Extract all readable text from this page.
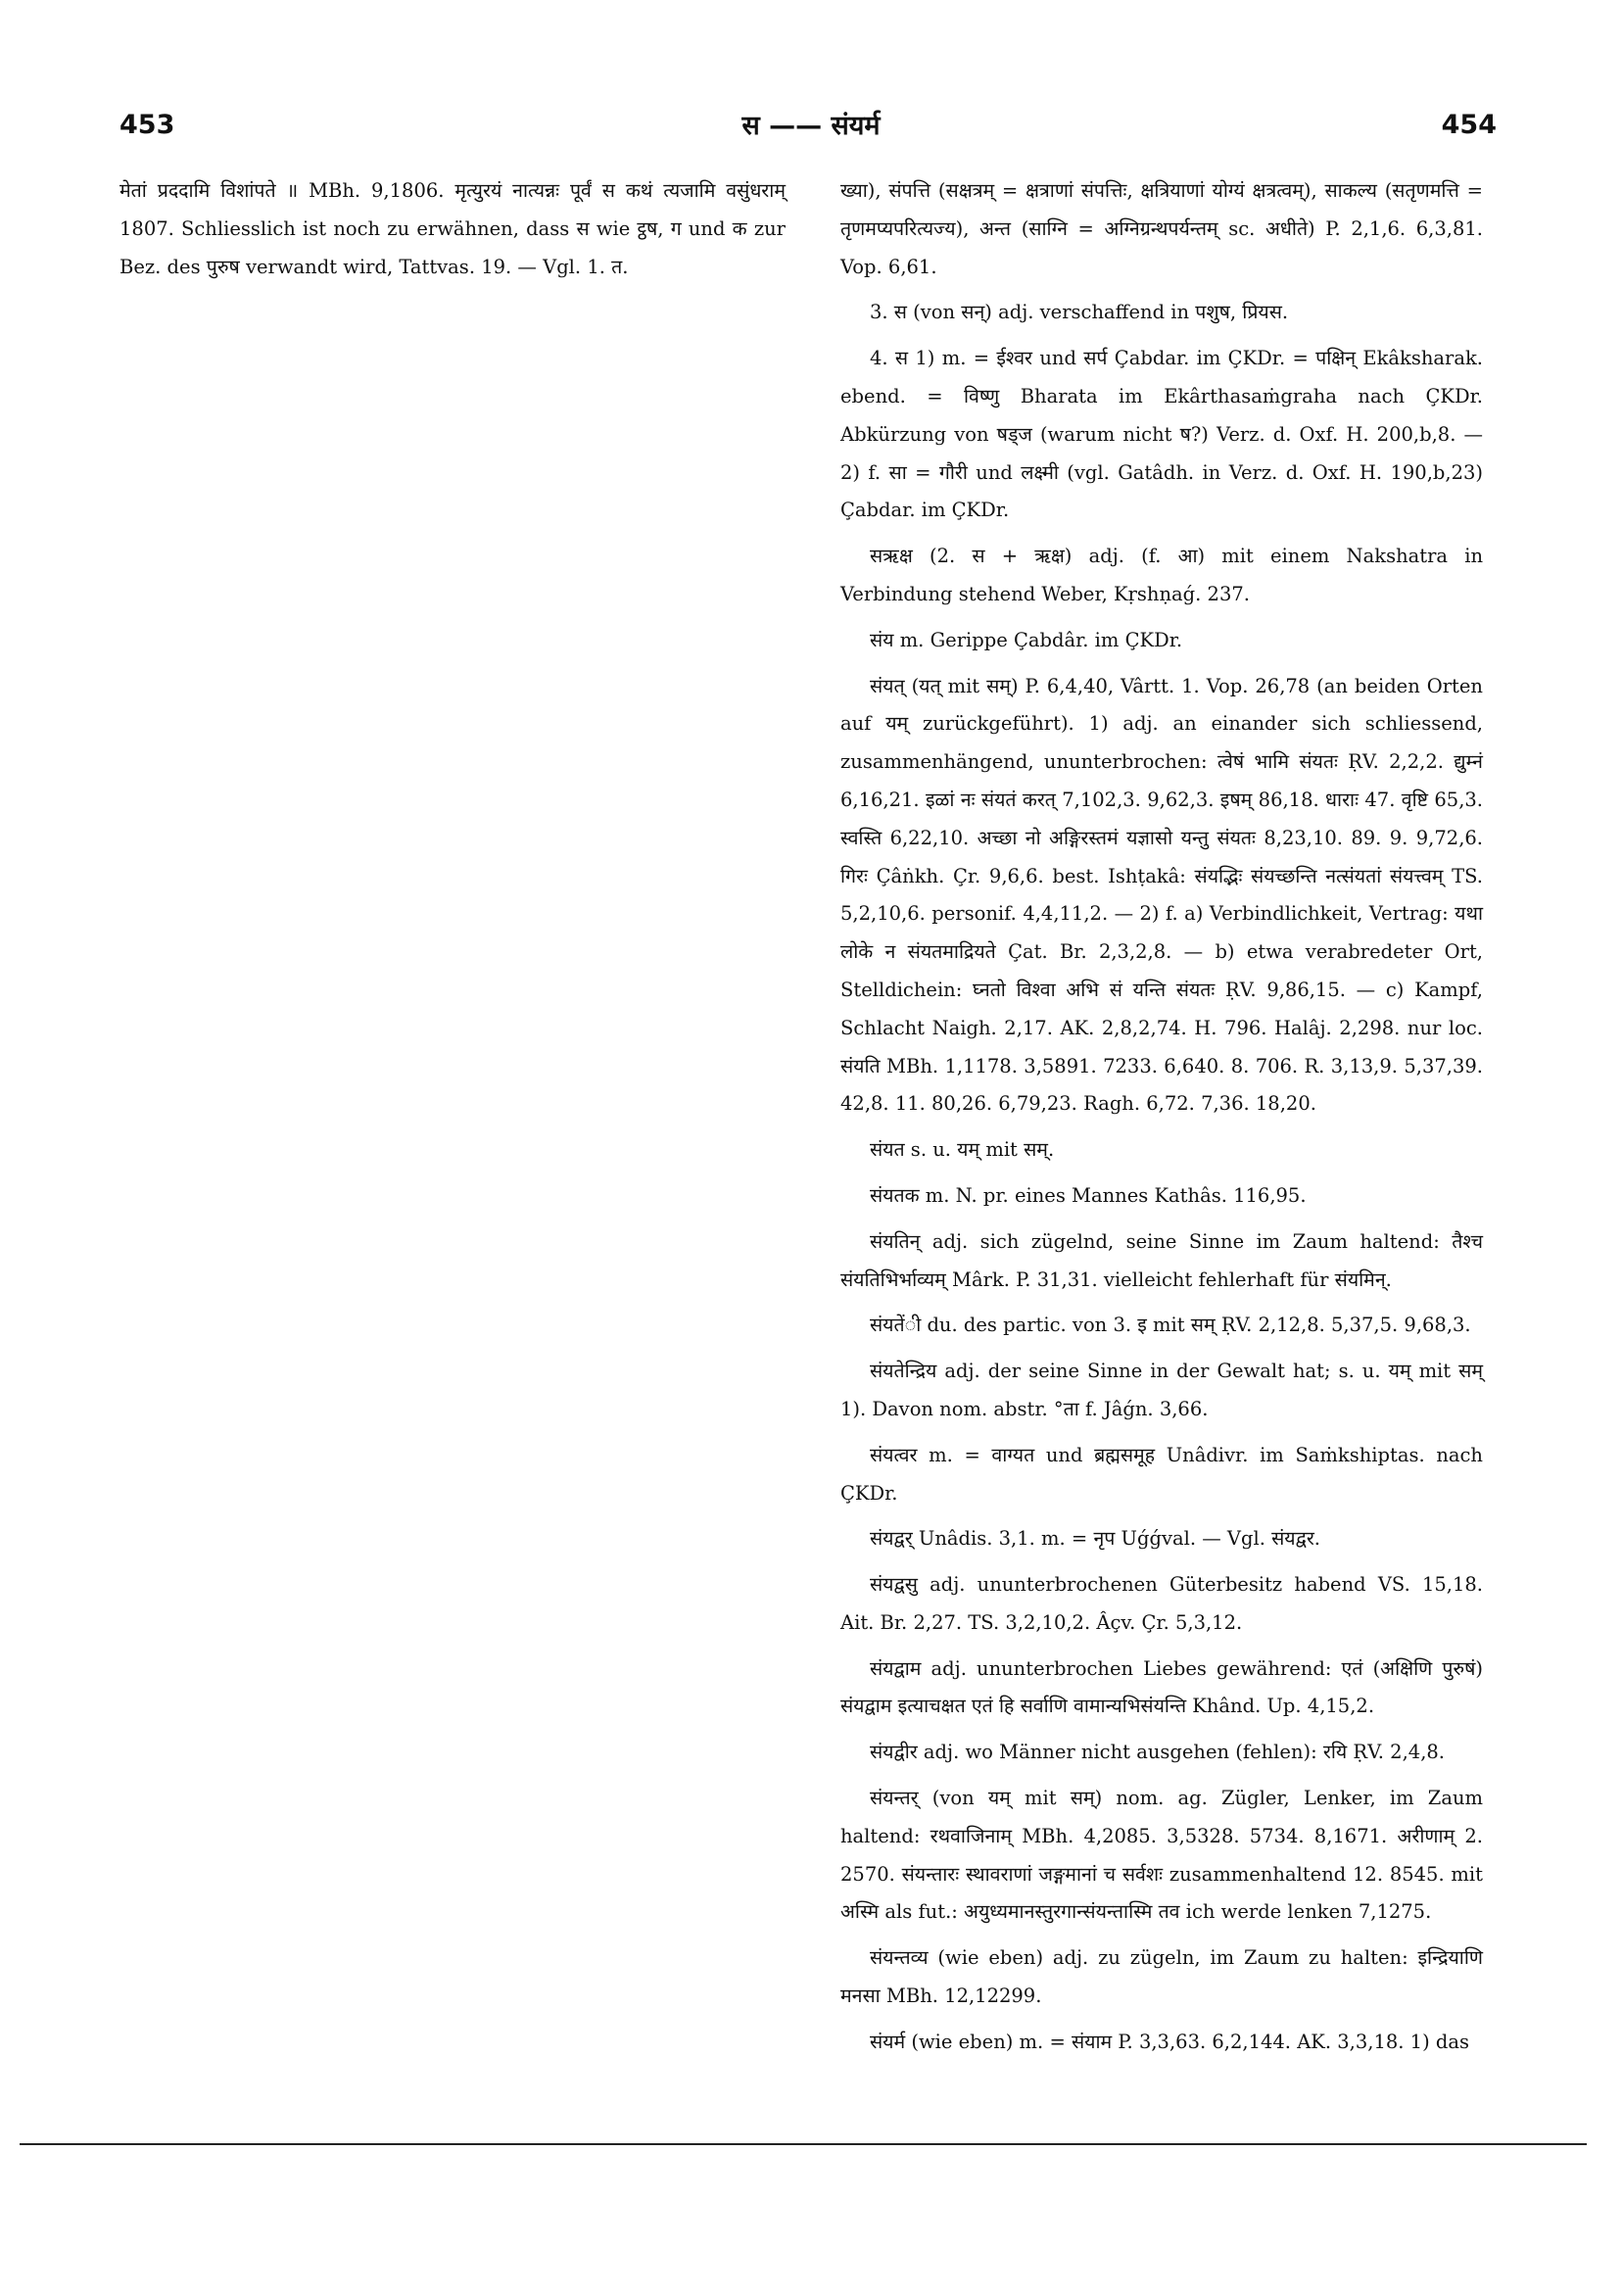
453	स —— संयर्म	454

मेतां प्रददामि विशांपते ॥ MBh. 9,1806. मृत्युरयं नात्यन्नः पूर्वं स कथं त्यजामि वसुंधराम् 1807. Schliesslich ist noch zu erwähnen, dass स wie ट्ठष, ग und क zur Bez. des पुरुष verwandt wird, Tattvas. 19. — Vgl. 1. त.

ख्या), संपत्ति (सक्षत्रम् = क्षत्राणां संपत्तिः, क्षत्रियाणां योग्यं क्षत्रत्वम्), साकल्य (सतृणमत्ति = तृणमप्यपरित्यज्य), अन्त (साग्नि = अग्निग्रन्थपर्यन्तम् sc. अधीते) P. 2,1,6. 6,3,81. Vop. 6,61.

3. स (von सन्) adj. verschaffend in पशुष, प्रियस.

4. स 1) m. = ईश्वर und सर्प Çabdar. im ÇKDr. = पक्षिन् Ekâksharak. ebend. = विष्णु Bharata im Ekârthasaṁgraha nach ÇKDr. Abkürzung von षड्ज (warum nicht ष?) Verz. d. Oxf. H. 200,b,8. — 2) f. सा = गौरी und लक्ष्मी (vgl. Gatâdh. in Verz. d. Oxf. H. 190,b,23) Çabdar. im ÇKDr.

सऋक्ष (2. स + ऋक्ष) adj. (f. आ) mit einem Nakshatra in Verbindung stehend Weber, Kṛshṇaǵ. 237.

संय m. Gerippe Çabdâr. im ÇKDr.

संयत् (यत् mit सम्) P. 6,4,40, Vârtt. 1. Vop. 26,78 (an beiden Orten auf यम् zurückgeführt). 1) adj. an einander sich schliessend, zusammenhängend, ununterbrochen: त्वेषं भामि संयतः ṚV. 2,2,2. द्युम्नं 6,16,21. इळां नः संयतं करत् 7,102,3. 9,62,3. इषम् 86,18. धाराः 47. वृष्टि 65,3. स्वस्ति 6,22,10. अच्छा नो अङ्गिरस्तमं यज्ञासो यन्तु संयतः 8,23,10. 89. 9. 9,72,6. गिरः Çâṅkh. Çr. 9,6,6. best. Ishṭakâ: संयद्भिः संयच्छन्ति नत्संयतां संयत्त्वम् TS. 5,2,10,6. personif. 4,4,11,2. — 2) f. a) Verbindlichkeit, Vertrag: यथा लोके न संयतमाद्रियते Çat. Br. 2,3,2,8. — b) etwa verabredeter Ort, Stelldichein: घ्नतो विश्वा अभि सं यन्ति संयतः ṚV. 9,86,15. — c) Kampf, Schlacht Naigh. 2,17. AK. 2,8,2,74. H. 796. Halâj. 2,298. nur loc. संयति MBh. 1,1178. 3,5891. 7233. 6,640. 8. 706. R. 3,13,9. 5,37,39. 42,8. 11. 80,26. 6,79,23. Ragh. 6,72. 7,36. 18,20.

संयत s. u. यम् mit सम्.

संयतक m. N. pr. eines Mannes Kathâs. 116,95.

संयतिन् adj. sich zügelnd, seine Sinne im Zaum haltend: तैश्च संयतिभिर्भाव्यम् Mârk. P. 31,31. vielleicht fehlerhaft für संयमिन्.

संयतेंी du. des partic. von 3. इ mit सम् ṚV. 2,12,8. 5,37,5. 9,68,3.

संयतेन्द्रिय adj. der seine Sinne in der Gewalt hat; s. u. यम् mit सम् 1). Davon nom. abstr. °ता f. Jâǵn. 3,66.

संयत्वर m. = वाग्यत und ब्रह्मसमूह Unâdivr. im Saṁkshiptas. nach ÇKDr.

संयद्वर् Unâdis. 3,1. m. = नृप Uǵǵval. — Vgl. संयद्वर.

संयद्वसु adj. ununterbrochenen Güterbesitz habend VS. 15,18. Ait. Br. 2,27. TS. 3,2,10,2. Âçv. Çr. 5,3,12.

संयद्वाम adj. ununterbrochen Liebes gewährend: एतं (अक्षिणि पुरुषं) संयद्वाम इत्याचक्षत एतं हि सर्वाणि वामान्यभिसंयन्ति Khând. Up. 4,15,2.

संयद्वीर adj. wo Männer nicht ausgehen (fehlen): रयि ṚV. 2,4,8.

संयन्तर् (von यम् mit सम्) nom. ag. Zügler, Lenker, im Zaum haltend: रथवाजिनाम् MBh. 4,2085. 3,5328. 5734. 8,1671. अरीणाम् 2. 2570. संयन्तारः स्थावराणां जङ्गमानां च सर्वशः zusammenhaltend 12. 8545. mit अस्मि als fut.: अयुध्यमानस्तुरगान्संयन्तास्मि तव ich werde lenken 7,1275.

संयन्तव्य (wie eben) adj. zu zügeln, im Zaum zu halten: इन्द्रियाणि मनसा MBh. 12,12299.

संयर्म (wie eben) m. = संयाम P. 3,3,63. 6,2,144. AK. 3,3,18. 1) das
